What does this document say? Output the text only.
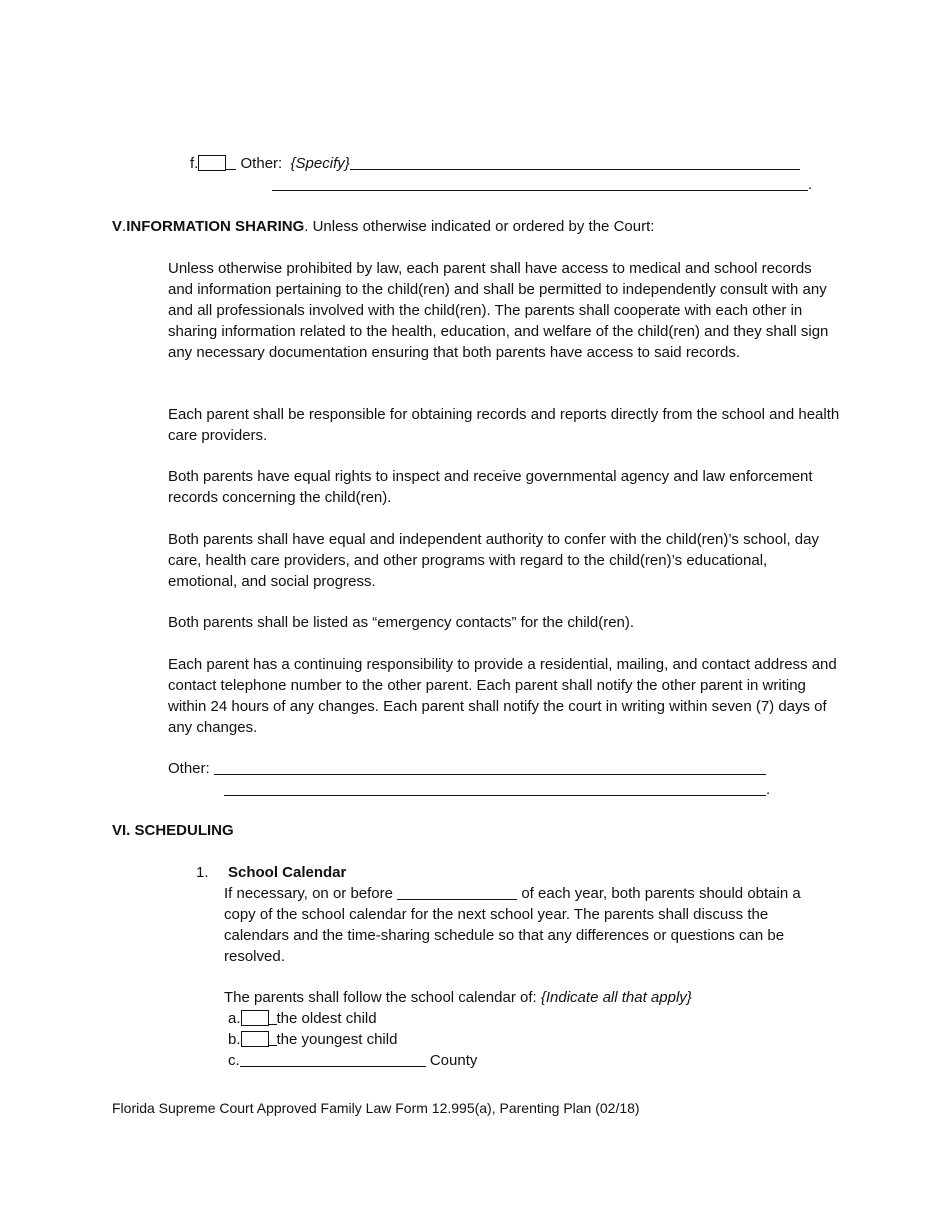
f.	Other: {Specify}
.
V.INFORMATION SHARING. Unless otherwise indicated or ordered by the Court:
Unless otherwise prohibited by law, each parent shall have access to medical and school records and information pertaining to the child(ren) and shall be permitted to independently consult with any and all professionals involved with the child(ren). The parents shall cooperate with each other in sharing information related to the health, education, and welfare of the child(ren) and they shall sign any necessary documentation ensuring that both parents have access to said records.
Each parent shall be responsible for obtaining records and reports directly from the school and health care providers.
Both parents have equal rights to inspect and receive governmental agency and law enforcement records concerning the child(ren).
Both parents shall have equal and independent authority to confer with the child(ren)’s school, day care, health care providers, and other programs with regard to the child(ren)’s educational, emotional, and social progress.
Both parents shall be listed as “emergency contacts” for the child(ren).
Each parent has a continuing responsibility to provide a residential, mailing, and contact address and contact telephone number to the other parent. Each parent shall notify the other parent in writing within 24 hours of any changes. Each parent shall notify the court in writing within seven (7) days of any changes.
Other:
.
VI. SCHEDULING
1. School Calendar
If necessary, on or before	of each year, both parents should obtain a
copy of the school calendar for the next school year. The parents shall discuss the calendars and the time-sharing schedule so that any differences or questions can be resolved.
The parents shall follow the school calendar of: {Indicate all that apply}
a. the oldest child
b. the youngest child
c.	County
Florida Supreme Court Approved Family Law Form 12.995(a), Parenting Plan (02/18)
